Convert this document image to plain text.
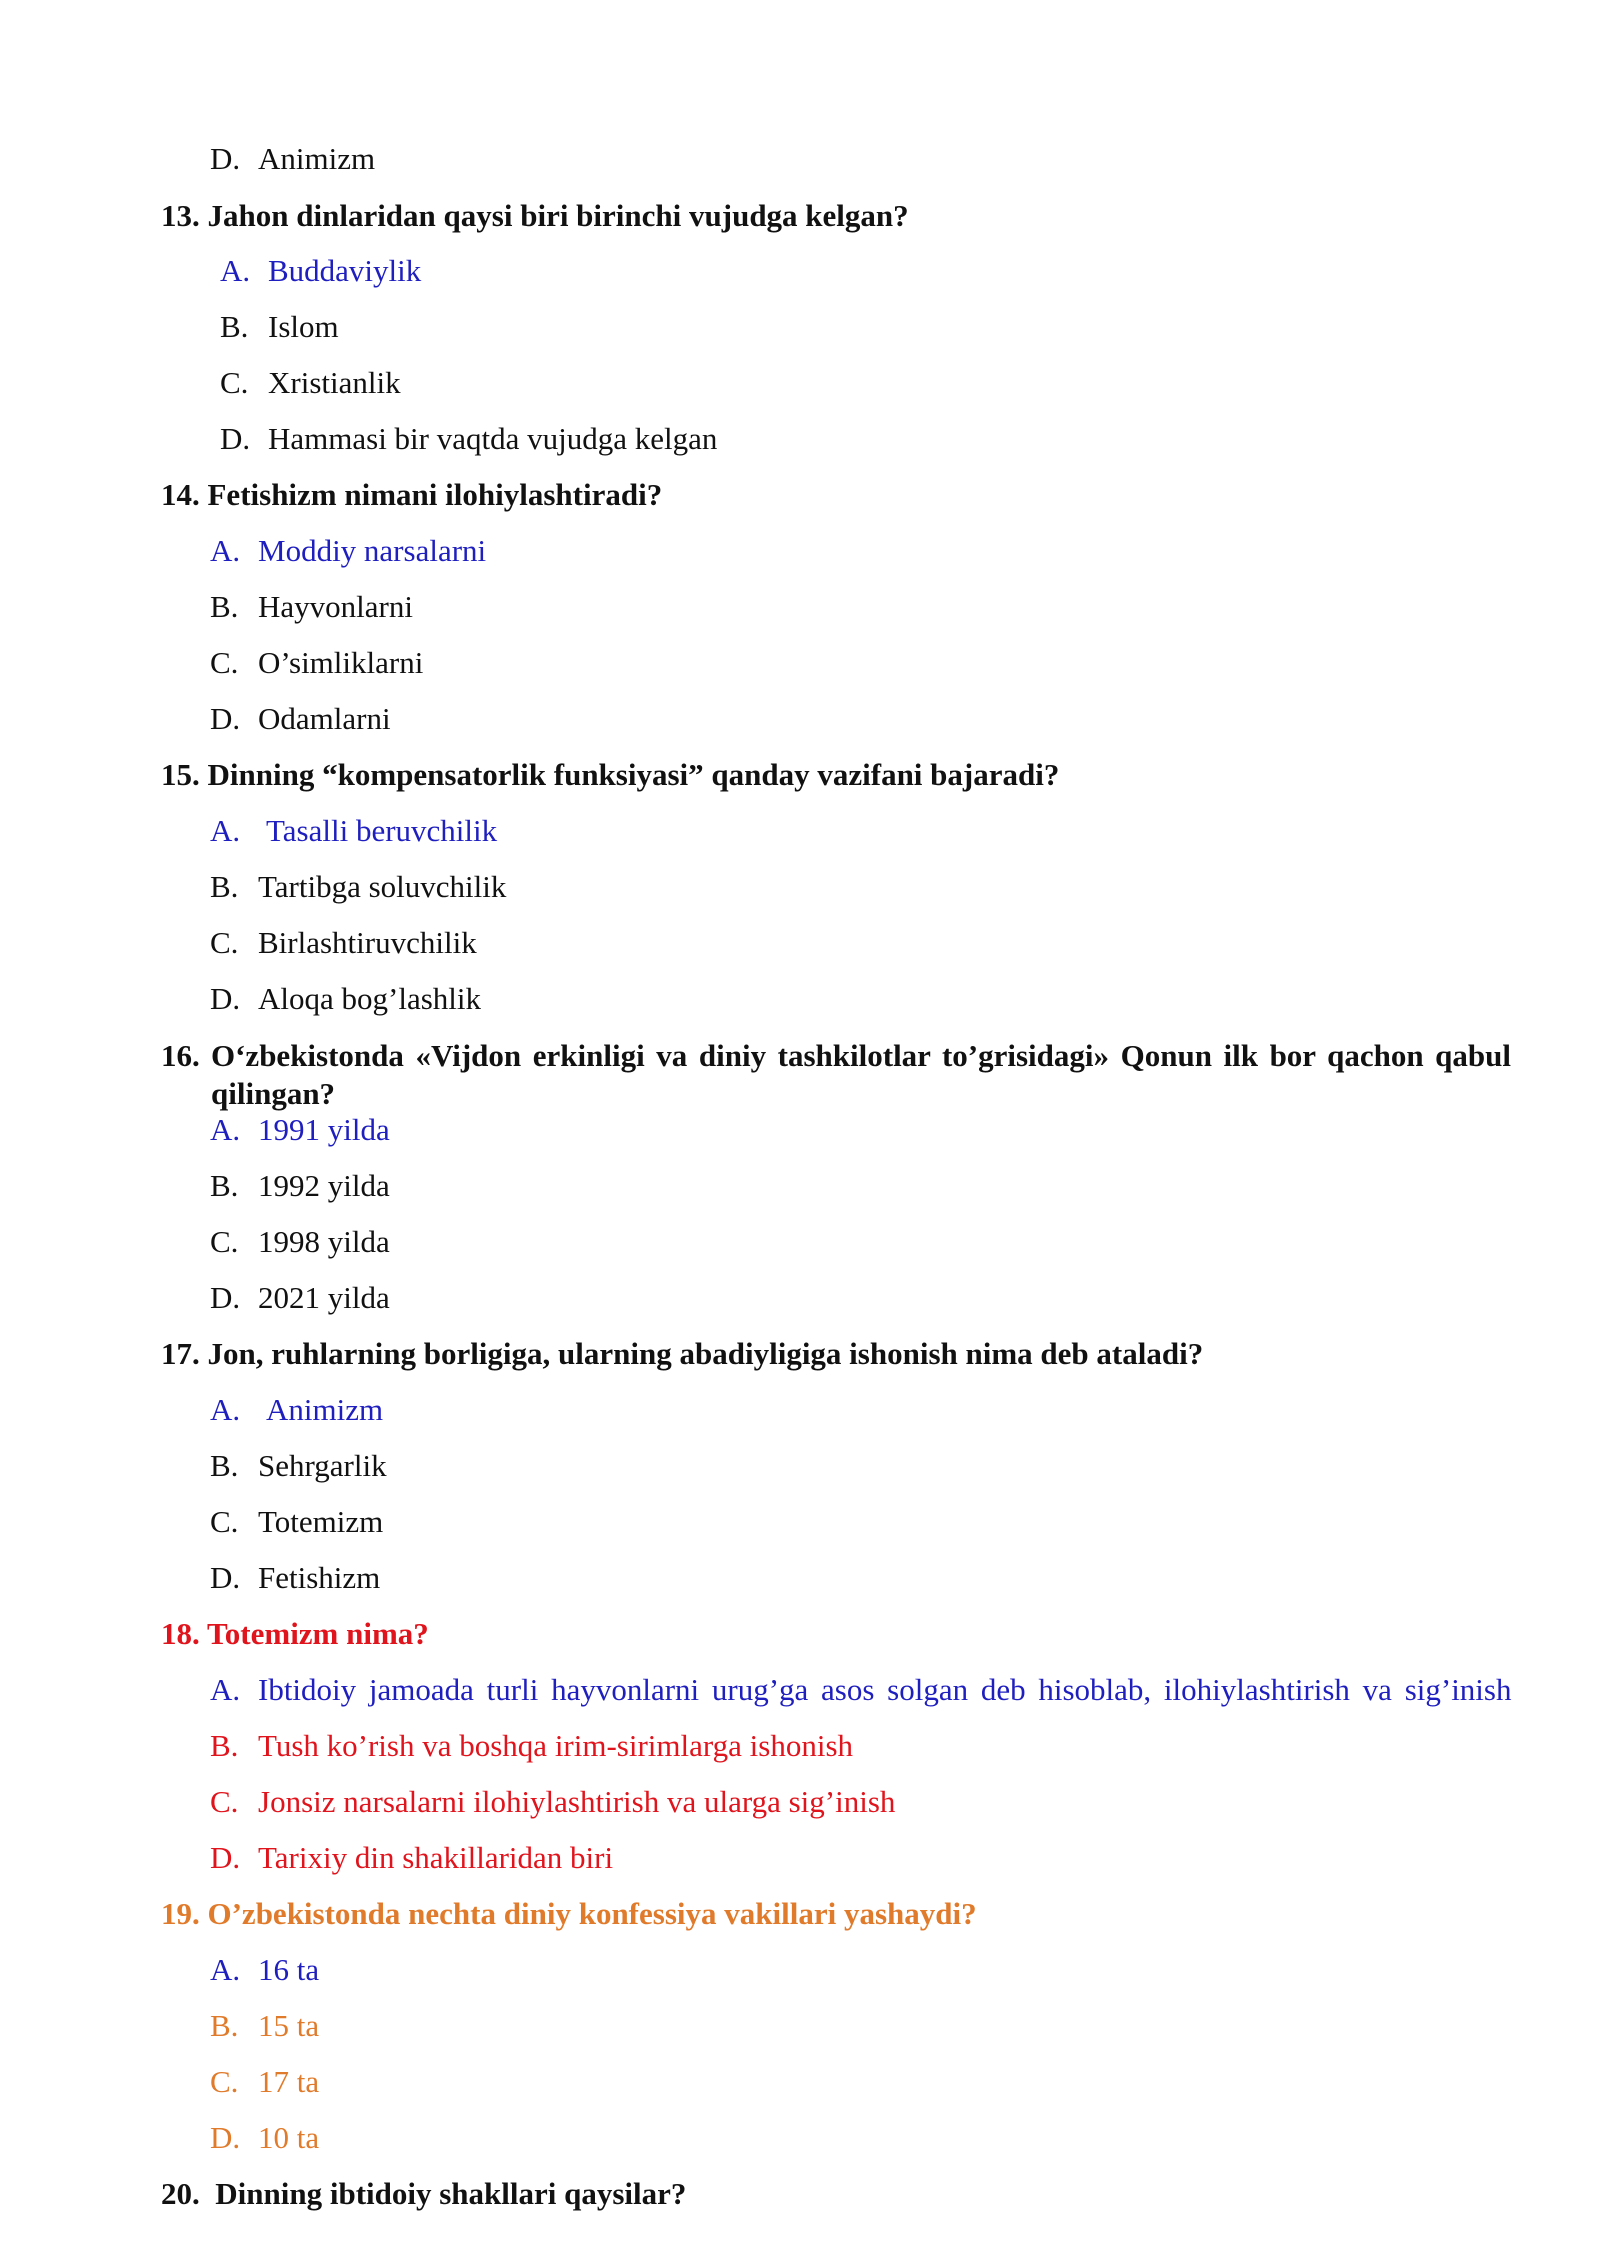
D. Animizm
13. Jahon dinlaridan qaysi biri birinchi vujudga kelgan?
A. Buddaviylik
B. Islom
C. Xristianlik
D. Hammasi bir vaqtda vujudga kelgan
14. Fetishizm nimani ilohiylashtiradi?
A. Moddiy narsalarni
B. Hayvonlarni
C. O’simliklarni
D. Odamlarni
15. Dinning “kompensatorlik funksiyasi” qanday vazifani bajaradi?
A. Tasalli beruvchilik
B. Tartibga soluvchilik
C. Birlashtiruvchilik
D. Aloqa bog’lashlik
16. O‘zbekistonda «Vijdon erkinligi va diniy tashkilotlar to’grisidagi» Qonun ilk bor qachon qabul qilingan?
A. 1991 yilda
B. 1992 yilda
C. 1998 yilda
D. 2021 yilda
17. Jon, ruhlarning borligiga, ularning abadiyligiga ishonish nima deb ataladi?
A. Animizm
B. Sehrgarlik
C. Totemizm
D. Fetishizm
18. Totemizm nima?
A. Ibtidoiy jamoada turli hayvonlarni urug’ga asos solgan deb hisoblab, ilohiylashtirish va sig’inish
B. Tush ko’rish va boshqa irim-sirimlarga ishonish
C. Jonsiz narsalarni ilohiylashtirish va ularga sig’inish
D. Tarixiy din shakillaridan biri
19. O’zbekistonda nechta diniy konfessiya vakillari yashaydi?
A. 16 ta
B. 15 ta
C. 17 ta
D. 10 ta
20. Dinning ibtidoiy shakllari qaysilar?
